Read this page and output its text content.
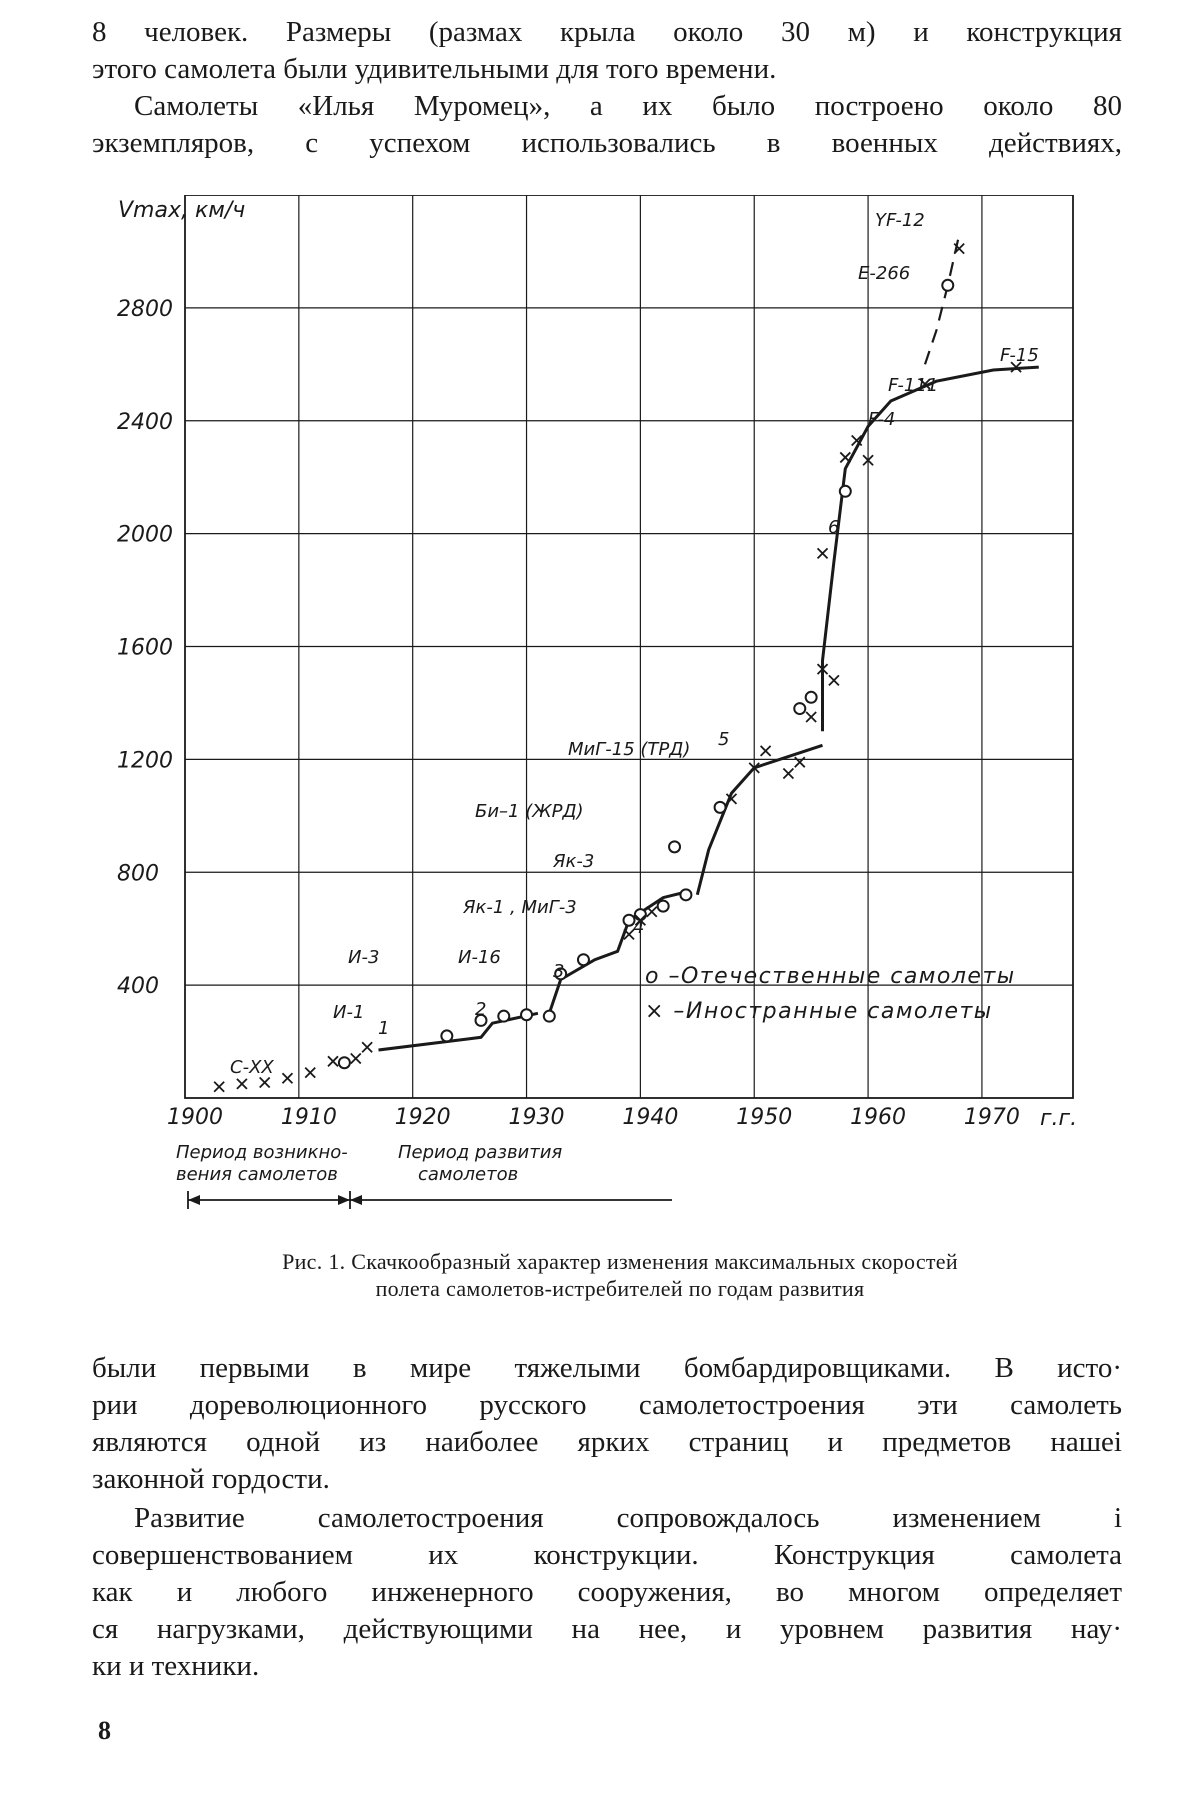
8 человек. Размеры (размах крыла около 30 м) и конструкция
этого самолета были удивительными для того времени.

Самолеты «Илья Муромец», а их было построено около 80
экземпляров, с успехом использовались в военных действиях,

1900	1910	1920	1930	1940	1950	1960	1970
400
800
1200
1600
2000
2400
2800
Vmax, км/ч
г.г.
С-ХХ
И-1
И-3	И-16
Як-1 , МиГ-3
Як-3
Би–1 (ЖРД)
МиГ-15 (ТРД)
F-15
F-111
F-4
Е-266
YF-12
1
2
3
4
5
6
о –Отечественные самолеты
× –Иностранные самолеты
Период возникно-
вения самолетов
Период развития
самолетов
Рис. 1. Скачкообразный характер изменения максимальных скоростей
полета самолетов-истребителей по годам развития

были первыми в мире тяжелыми бомбардировщиками. В исто·
рии дореволюционного русского самолетостроения эти самолеть
являются одной из наиболее ярких страниц и предметов нашеi
законной гордости.

Развитие самолетостроения сопровождалось изменением i
совершенствованием их конструкции. Конструкция самолета
как и любого инженерного сооружения, во многом определяет
ся нагрузками, действующими на нее, и уровнем развития нау·
ки и техники.

8
